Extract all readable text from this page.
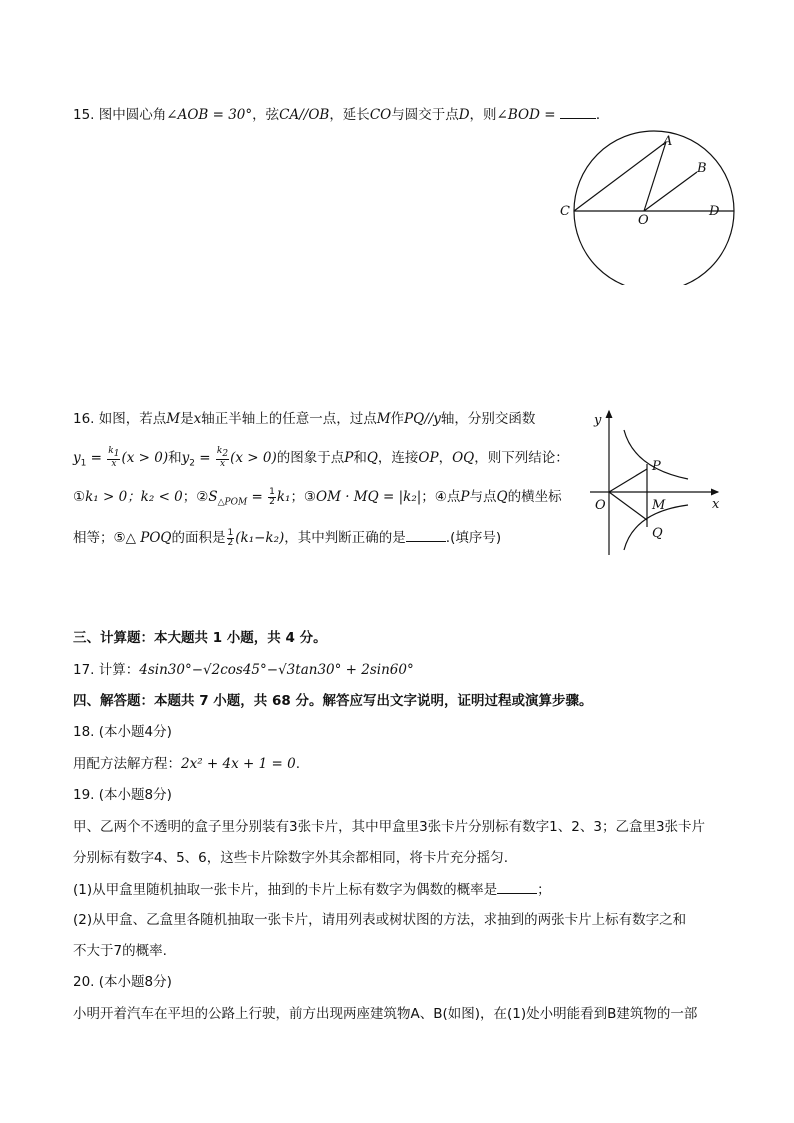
15. 图中圆心角∠AOB = 30°，弦CA//OB，延长CO与圆交于点D，则∠BOD =	．
A
B
C
O
D
16. 如图，若点M是x轴正半轴上的任意一点，过点M作PQ//y轴，分别交函数
$y_1 = \frac{k_1}{x} (x > 0)$和$y_2 = \frac{k_2}{x} (x > 0)$的图象于点P和Q，连接OP，OQ，则下列结论：
①k₁ > 0；k₂ < 0；$②S_{\triangle POM} = \frac{1}{2} k_1$；③OM · MQ = |k₂|；④点P与点Q的横坐标
相等；⑤△ POQ的面积是 $\frac{1}{2} (k_1-k_2)$，其中判断正确的是	.(填序号)
y
x
O
P
M
Q
三、计算题：本大题共 1 小题，共 4 分。
17. 计算：4sin30°−√2cos45°−√3tan30° + 2sin60°
四、解答题：本题共 7 小题，共 68 分。解答应写出文字说明，证明过程或演算步骤。
18. (本小题4分)
用配方法解方程：2x² + 4x + 1 = 0.
19. (本小题8分)
甲、乙两个不透明的盒子里分别装有3张卡片，其中甲盒里3张卡片分别标有数字1、2、3；乙盒里3张卡片
分别标有数字4、5、6，这些卡片除数字外其余都相同，将卡片充分摇匀.
(1)从甲盒里随机抽取一张卡片，抽到的卡片上标有数字为偶数的概率是	；
(2)从甲盒、乙盒里各随机抽取一张卡片，请用列表或树状图的方法，求抽到的两张卡片上标有数字之和
不大于7的概率.
20. (本小题8分)
小明开着汽车在平坦的公路上行驶，前方出现两座建筑物A、B(如图)，在(1)处小明能看到B建筑物的一部
